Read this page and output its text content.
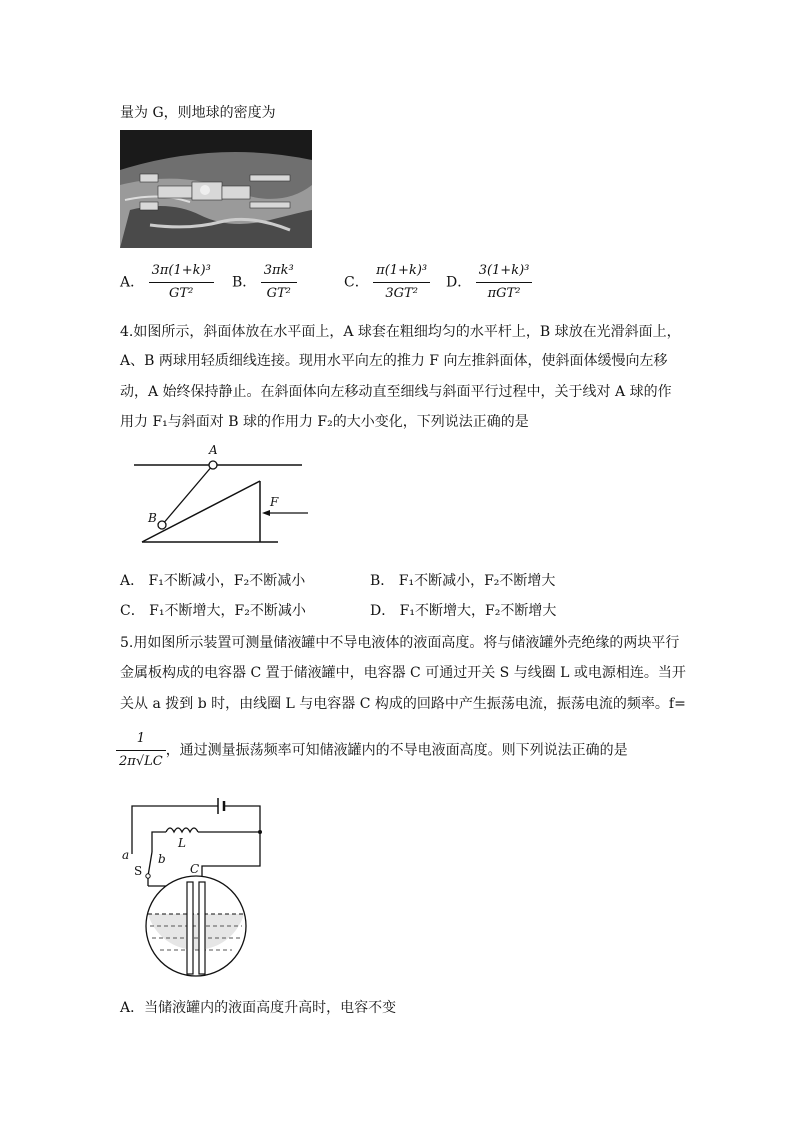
量为 G，则地球的密度为
A． $\frac{\text{3π(1+k)³}}{\text{GT²}}$ B． $\frac{\text{3πk³}}{\text{GT²}}$	C． $\frac{\text{π(1+k)³}}{\text{3GT²}}$ D． $\frac{\text{3(1+k)³}}{\text{πGT²}}$
4.如图所示，斜面体放在水平面上，A 球套在粗细均匀的水平杆上，B 球放在光滑斜面上，
A、B 两球用轻质细线连接。现用水平向左的推力 F 向左推斜面体，使斜面体缓慢向左移
动，A 始终保持静止。在斜面体向左移动直至细线与斜面平行过程中，关于线对 A 球的作
用力 F₁与斜面对 B 球的作用力 F₂的大小变化，下列说法正确的是
A
B
F
A． F₁不断减小，F₂不断减小	B． F₁不断减小，F₂不断增大
C． F₁不断增大，F₂不断减小	D． F₁不断增大，F₂不断增大
5.用如图所示装置可测量储液罐中不导电液体的液面高度。将与储液罐外壳绝缘的两块平行
金属板构成的电容器 C 置于储液罐中，电容器 C 可通过开关 S 与线圈 L 或电源相连。当开
关从 a 拨到 b 时，由线圈 L 与电容器 C 构成的回路中产生振荡电流，振荡电流的频率。f=
$\frac{1}{2\pi√LC}$ ，通过测量振荡频率可知储液罐内的不导电液面高度。则下列说法正确的是
L
C
S
a b
A．当储液罐内的液面高度升高时，电容不变
